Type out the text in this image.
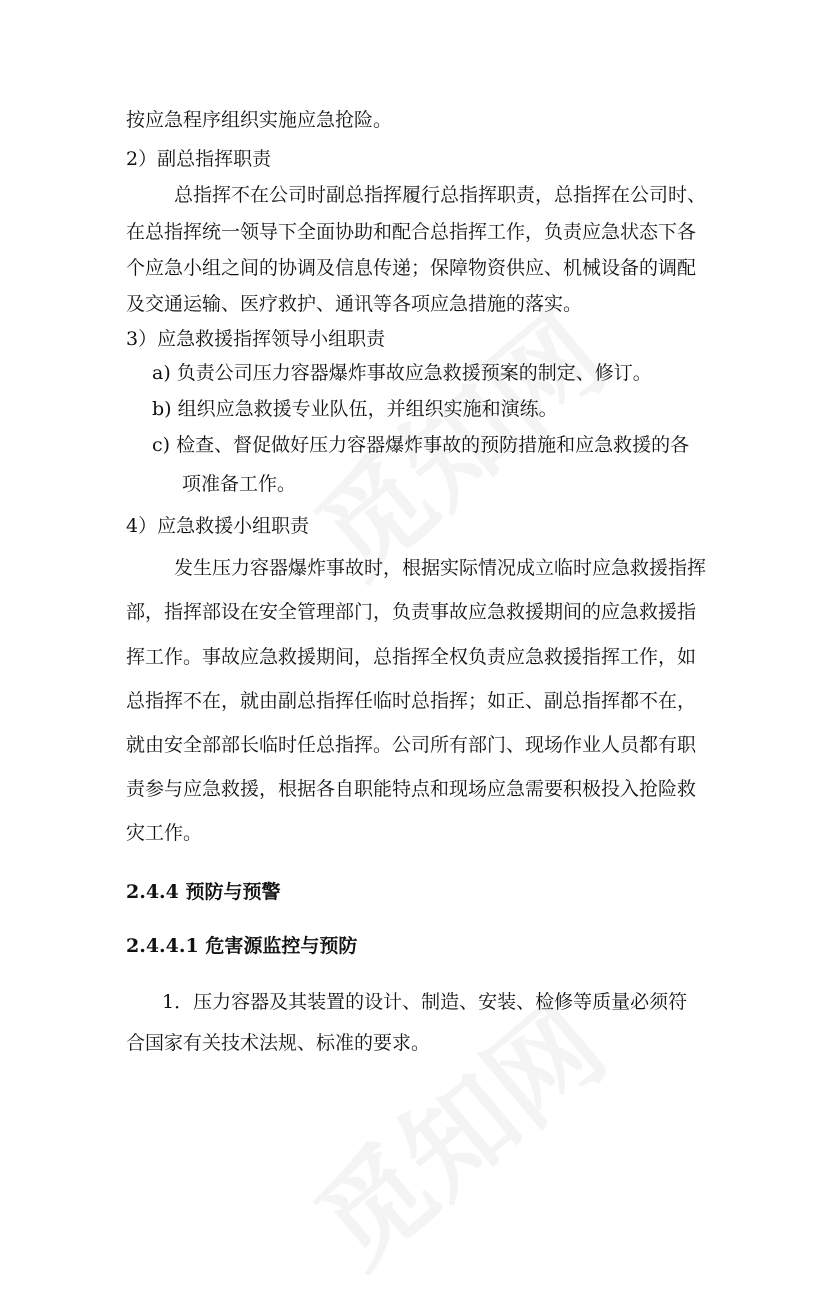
按应急程序组织实施应急抢险。
2）副总指挥职责
总指挥不在公司时副总指挥履行总指挥职责，总指挥在公司时、
在总指挥统一领导下全面协助和配合总指挥工作，负责应急状态下各
个应急小组之间的协调及信息传递；保障物资供应、机械设备的调配
及交通运输、医疗救护、通讯等各项应急措施的落实。
3）应急救援指挥领导小组职责
a) 负责公司压力容器爆炸事故应急救援预案的制定、修订。
b) 组织应急救援专业队伍，并组织实施和演练。
c) 检查、督促做好压力容器爆炸事故的预防措施和应急救援的各
项准备工作。
4）应急救援小组职责
发生压力容器爆炸事故时，根据实际情况成立临时应急救援指挥
部，指挥部设在安全管理部门，负责事故应急救援期间的应急救援指
挥工作。事故应急救援期间，总指挥全权负责应急救援指挥工作，如
总指挥不在，就由副总指挥任临时总指挥；如正、副总指挥都不在，
就由安全部部长临时任总指挥。公司所有部门、现场作业人员都有职
责参与应急救援，根据各自职能特点和现场应急需要积极投入抢险救
灾工作。
2.4.4 预防与预警
2.4.4.1 危害源监控与预防
1．压力容器及其装置的设计、制造、安装、检修等质量必须符
合国家有关技术法规、标准的要求。
